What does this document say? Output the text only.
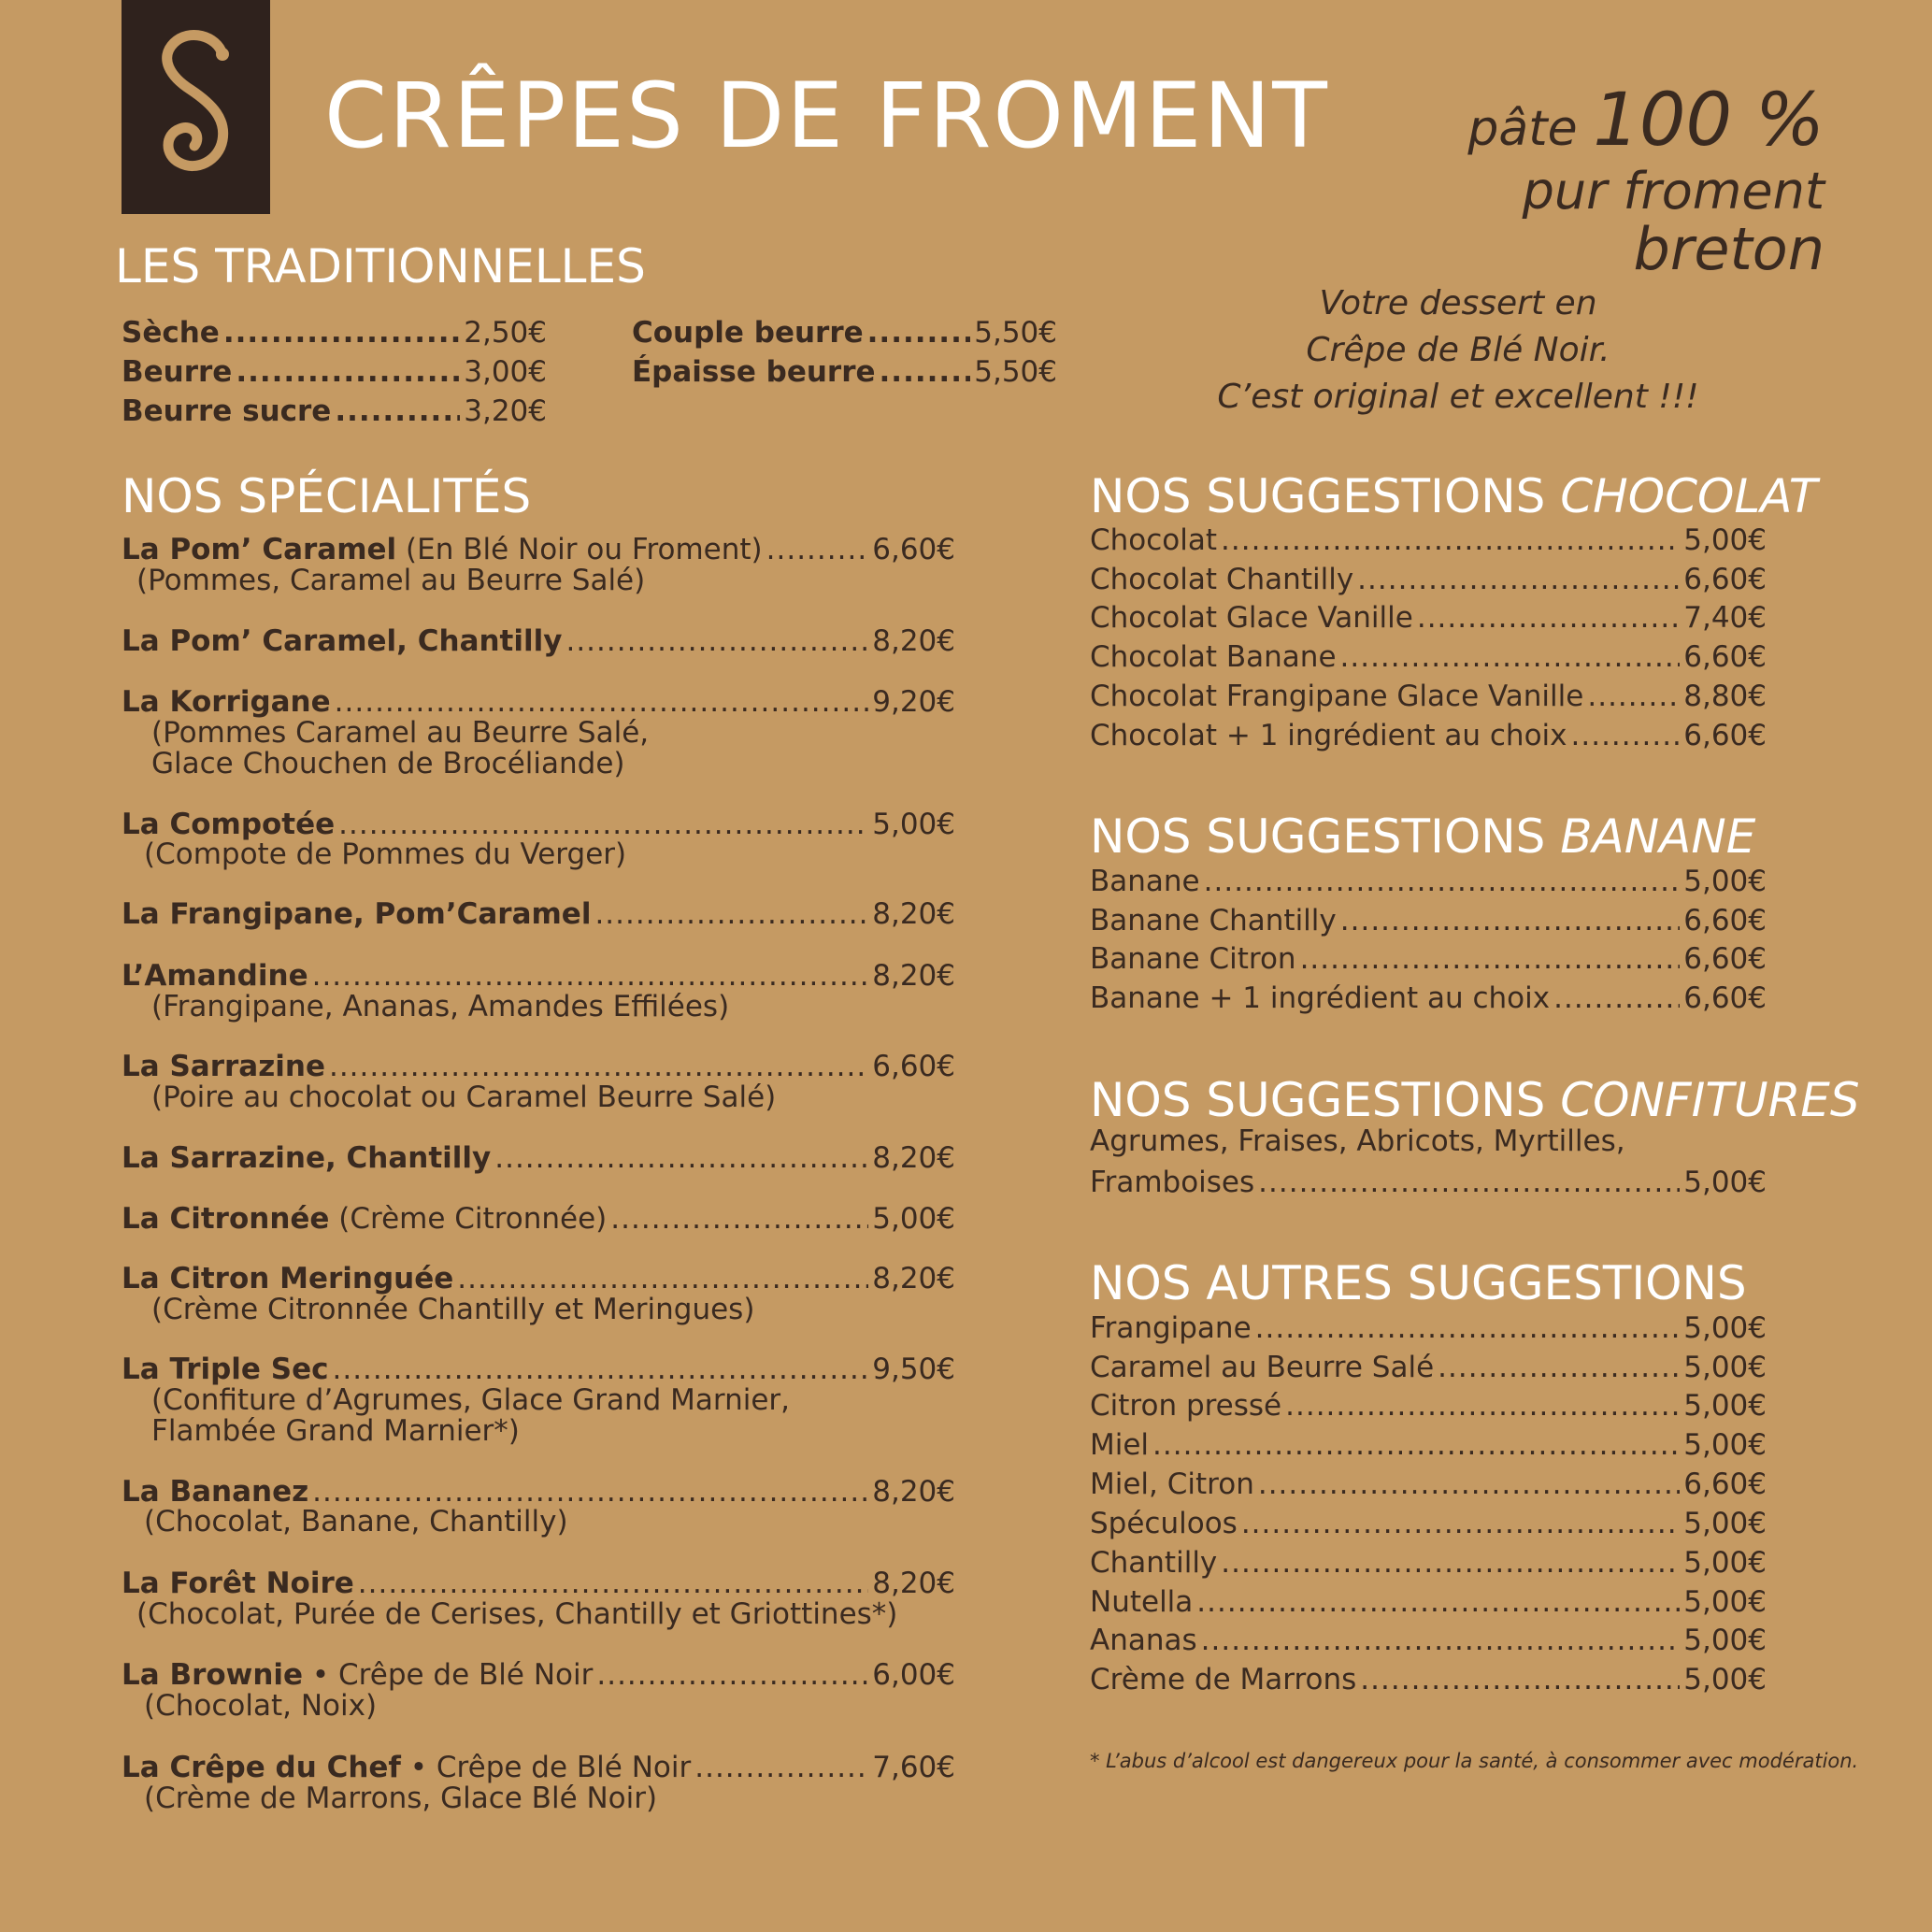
CRÊPES DE FROMENT	pâte 100 %
pur froment
breton
Votre dessert en
Crêpe de Blé Noir.
C’est original et excellent !!!
LES TRADITIONNELLES
Sèche .....	2,50€
Beurre .....	3,00€
Beurre sucre .....	3,20€
Couple beurre .....	5,50€
Épaisse beurre .....	5,50€
NOS SPÉCIALITÉS
La Pom’ Caramel (En Blé Noir ou Froment) .....	6,60€
(Pommes, Caramel au Beurre Salé)
La Pom’ Caramel, Chantilly .....	8,20€
La Korrigane .....	9,20€
(Pommes Caramel au Beurre Salé,
Glace Chouchen de Brocéliande)
La Compotée .....	5,00€
(Compote de Pommes du Verger)
La Frangipane, Pom’Caramel .....	8,20€
L’Amandine .....	8,20€
(Frangipane, Ananas, Amandes Effilées)
La Sarrazine .....	6,60€
(Poire au chocolat ou Caramel Beurre Salé)
La Sarrazine, Chantilly .....	8,20€
La Citronnée (Crème Citronnée) .....	5,00€
La Citron Meringuée .....	8,20€
(Crème Citronnée Chantilly et Meringues)
La Triple Sec .....	9,50€
(Confiture d’Agrumes, Glace Grand Marnier,
Flambée Grand Marnier*)
La Bananez .....	8,20€
(Chocolat, Banane, Chantilly)
La Forêt Noire .....	8,20€
(Chocolat, Purée de Cerises, Chantilly et Griottines*)
La Brownie • Crêpe de Blé Noir .....	6,00€
(Chocolat, Noix)
La Crêpe du Chef • Crêpe de Blé Noir .....	7,60€
(Crème de Marrons, Glace Blé Noir)
NOS SUGGESTIONS CHOCOLAT
Chocolat .....	5,00€
Chocolat Chantilly .....	6,60€
Chocolat Glace Vanille .....	7,40€
Chocolat Banane .....	6,60€
Chocolat Frangipane Glace Vanille .....	8,80€
Chocolat + 1 ingrédient au choix .....	6,60€
NOS SUGGESTIONS BANANE
Banane .....	5,00€
Banane Chantilly .....	6,60€
Banane Citron .....	6,60€
Banane + 1 ingrédient au choix .....	6,60€
NOS SUGGESTIONS CONFITURES
Agrumes, Fraises, Abricots, Myrtilles,
Framboises .....	5,00€
NOS AUTRES SUGGESTIONS
Frangipane .....	5,00€
Caramel au Beurre Salé .....	5,00€
Citron pressé .....	5,00€
Miel .....	5,00€
Miel, Citron .....	6,60€
Spéculoos .....	5,00€
Chantilly .....	5,00€
Nutella .....	5,00€
Ananas .....	5,00€
Crème de Marrons .....	5,00€
* L’abus d’alcool est dangereux pour la santé, à consommer avec modération.
